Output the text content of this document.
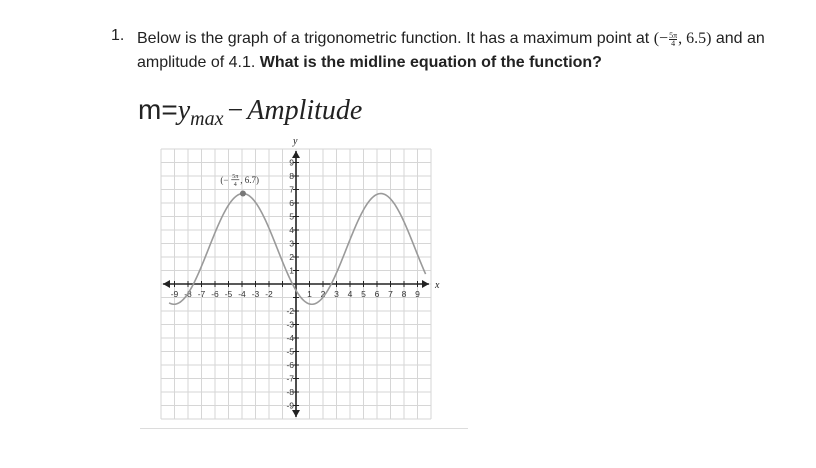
1. Below is the graph of a trigonometric function. It has a maximum point at (− $\frac{5\pi}{4}$ , 6.5) and an amplitude of 4.1. What is the midline equation of the function?
$m=y_{max}$ − Amplitude
x
y
-9 -8 -7 -6 -5 -4 -3 -2	1 2 3 4 5 6 7 8 9
1
2
3
4
5
6
7
8
9
-2
-3
-4
-5
-6
-7
-8
-9
(− 5π
4 , 6.7)
